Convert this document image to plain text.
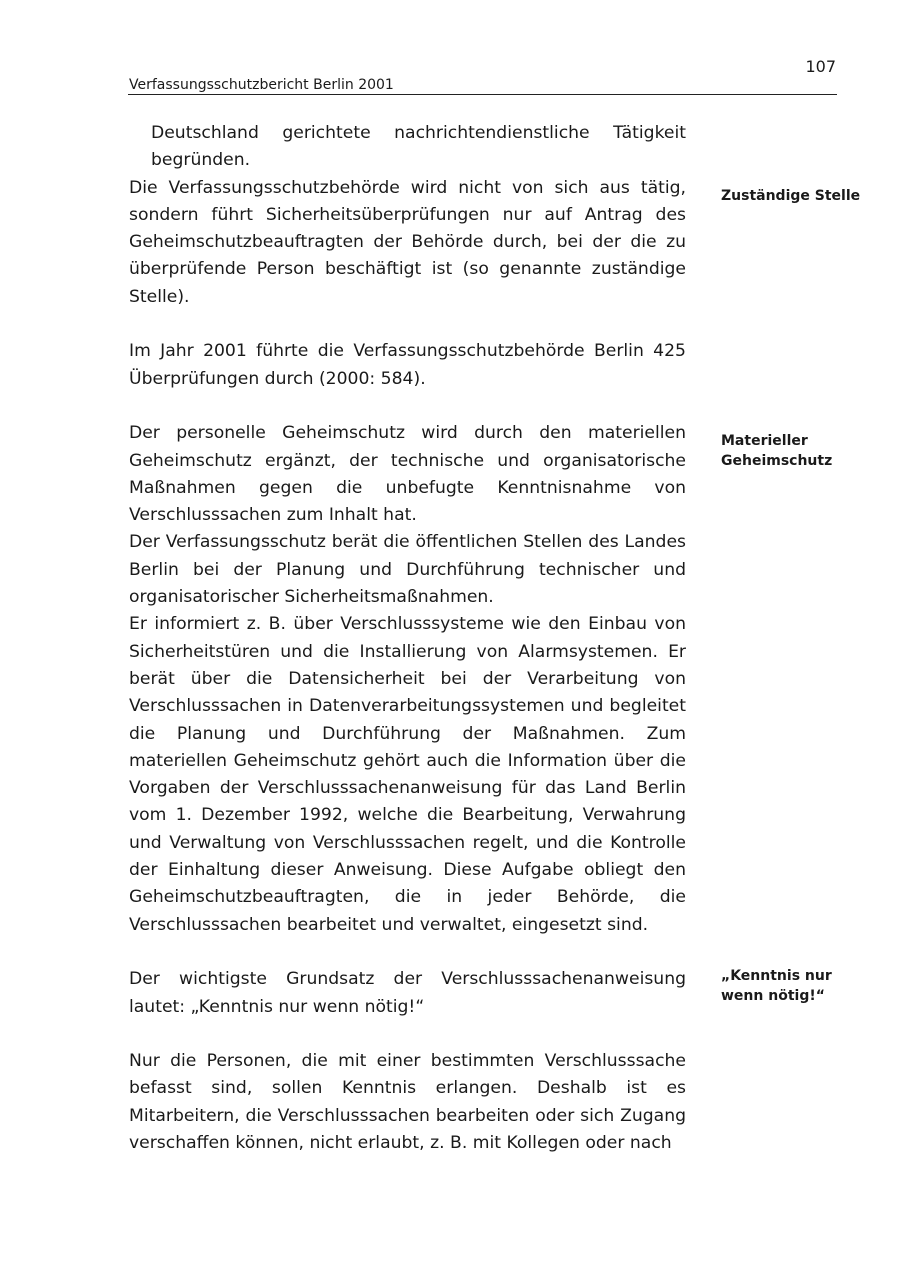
107
Verfassungsschutzbericht Berlin 2001

Deutschland gerichtete nachrichtendienstliche Tätigkeit begründen.

Die Verfassungsschutzbehörde wird nicht von sich aus tätig, sondern führt Sicherheitsüberprüfungen nur auf Antrag des Geheimschutzbeauftragten der Behörde durch, bei der die zu überprüfende Person beschäftigt ist (so genannte zuständige Stelle).

Im Jahr 2001 führte die Verfassungsschutzbehörde Berlin 425 Überprüfungen durch (2000: 584).

Der personelle Geheimschutz wird durch den materiellen Geheimschutz ergänzt, der technische und organisatorische Maßnahmen gegen die unbefugte Kenntnisnahme von Verschlusssachen zum Inhalt hat.

Der Verfassungsschutz berät die öffentlichen Stellen des Landes Berlin bei der Planung und Durchführung technischer und organisatorischer Sicherheitsmaßnahmen.

Er informiert z. B. über Verschlusssysteme wie den Einbau von Sicherheitstüren und die Installierung von Alarmsystemen. Er berät über die Datensicherheit bei der Verarbeitung von Verschlusssachen in Datenverarbeitungssystemen und begleitet die Planung und Durchführung der Maßnahmen. Zum materiellen Geheimschutz gehört auch die Information über die Vorgaben der Verschlusssachenanweisung für das Land Berlin vom 1. Dezember 1992, welche die Bearbeitung, Verwahrung und Verwaltung von Verschlusssachen regelt, und die Kontrolle der Einhaltung dieser Anweisung. Diese Aufgabe obliegt den Geheimschutzbeauftragten, die in jeder Behörde, die Verschlusssachen bearbeitet und verwaltet, eingesetzt sind.

Der wichtigste Grundsatz der Verschlusssachenanweisung lautet: „Kenntnis nur wenn nötig!“

Nur die Personen, die mit einer bestimmten Verschlusssache befasst sind, sollen Kenntnis erlangen. Deshalb ist es Mitarbeitern, die Verschlusssachen bearbeiten oder sich Zugang verschaffen können, nicht erlaubt, z. B. mit Kollegen oder nach

Zuständige Stelle
Materieller
Geheimschutz
„Kenntnis nur
wenn nötig!“
